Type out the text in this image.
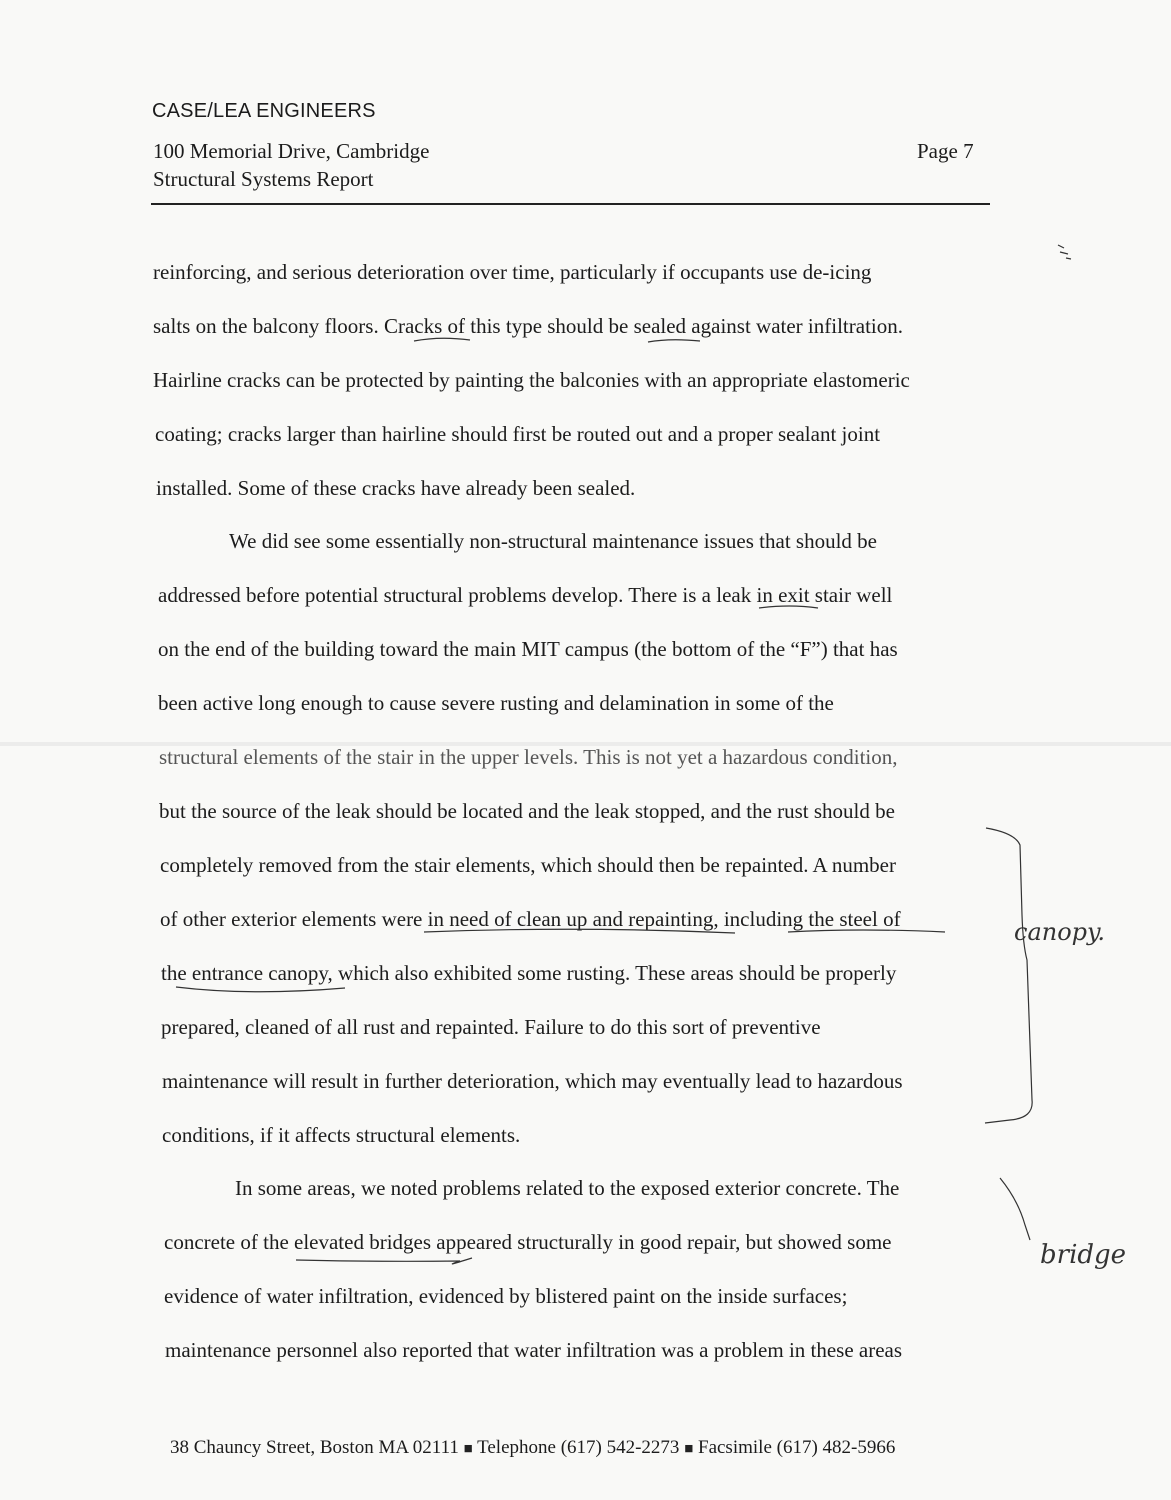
CASE/LEA ENGINEERS
100 Memorial Drive, Cambridge
Structural Systems Report
Page 7
reinforcing, and serious deterioration over time, particularly if occupants use de-icing
salts on the balcony floors. Cracks of this type should be sealed against water infiltration.
Hairline cracks can be protected by painting the balconies with an appropriate elastomeric
coating; cracks larger than hairline should first be routed out and a proper sealant joint
installed. Some of these cracks have already been sealed.
We did see some essentially non-structural maintenance issues that should be
addressed before potential structural problems develop. There is a leak in exit stair well
on the end of the building toward the main MIT campus (the bottom of the “F”) that has
been active long enough to cause severe rusting and delamination in some of the
structural elements of the stair in the upper levels. This is not yet a hazardous condition,
but the source of the leak should be located and the leak stopped, and the rust should be
completely removed from the stair elements, which should then be repainted. A number
of other exterior elements were in need of clean up and repainting, including the steel of
the entrance canopy, which also exhibited some rusting. These areas should be properly
prepared, cleaned of all rust and repainted. Failure to do this sort of preventive
maintenance will result in further deterioration, which may eventually lead to hazardous
conditions, if it affects structural elements.
In some areas, we noted problems related to the exposed exterior concrete. The
concrete of the elevated bridges appeared structurally in good repair, but showed some
evidence of water infiltration, evidenced by blistered paint on the inside surfaces;
maintenance personnel also reported that water infiltration was a problem in these areas
canopy.
bridge
38 Chauncy Street, Boston MA 02111 ■ Telephone (617) 542-2273 ■ Facsimile (617) 482-5966
